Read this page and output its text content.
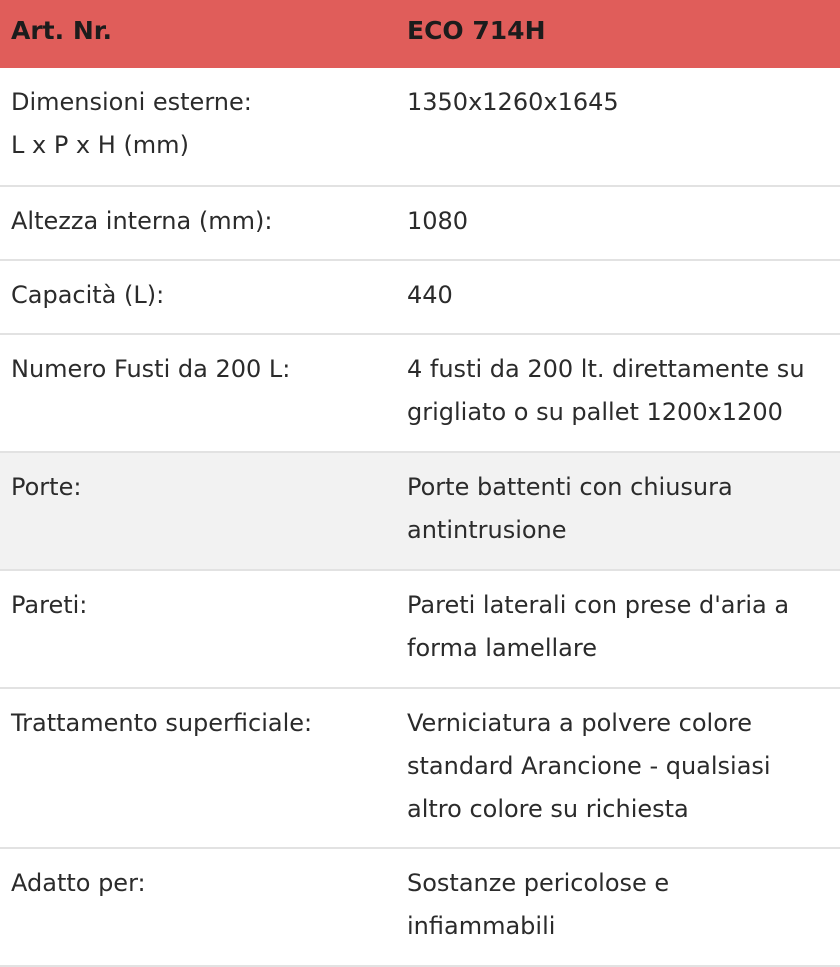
Art. Nr.	ECO 714H

Dimensioni esterne:
L x P x H (mm)	1350x1260x1645
Altezza interna (mm):	1080
Capacità (L):	440
Numero Fusti da 200 L:	4 fusti da 200 lt. direttamente su
grigliato o su pallet 1200x1200

Porte:	Porte battenti con chiusura
antintrusione

Pareti:	Pareti laterali con prese d'aria a
forma lamellare

Trattamento superficiale:	Verniciatura a polvere colore
standard Arancione - qualsiasi
altro colore su richiesta

Adatto per:	Sostanze pericolose e
infiammabili
